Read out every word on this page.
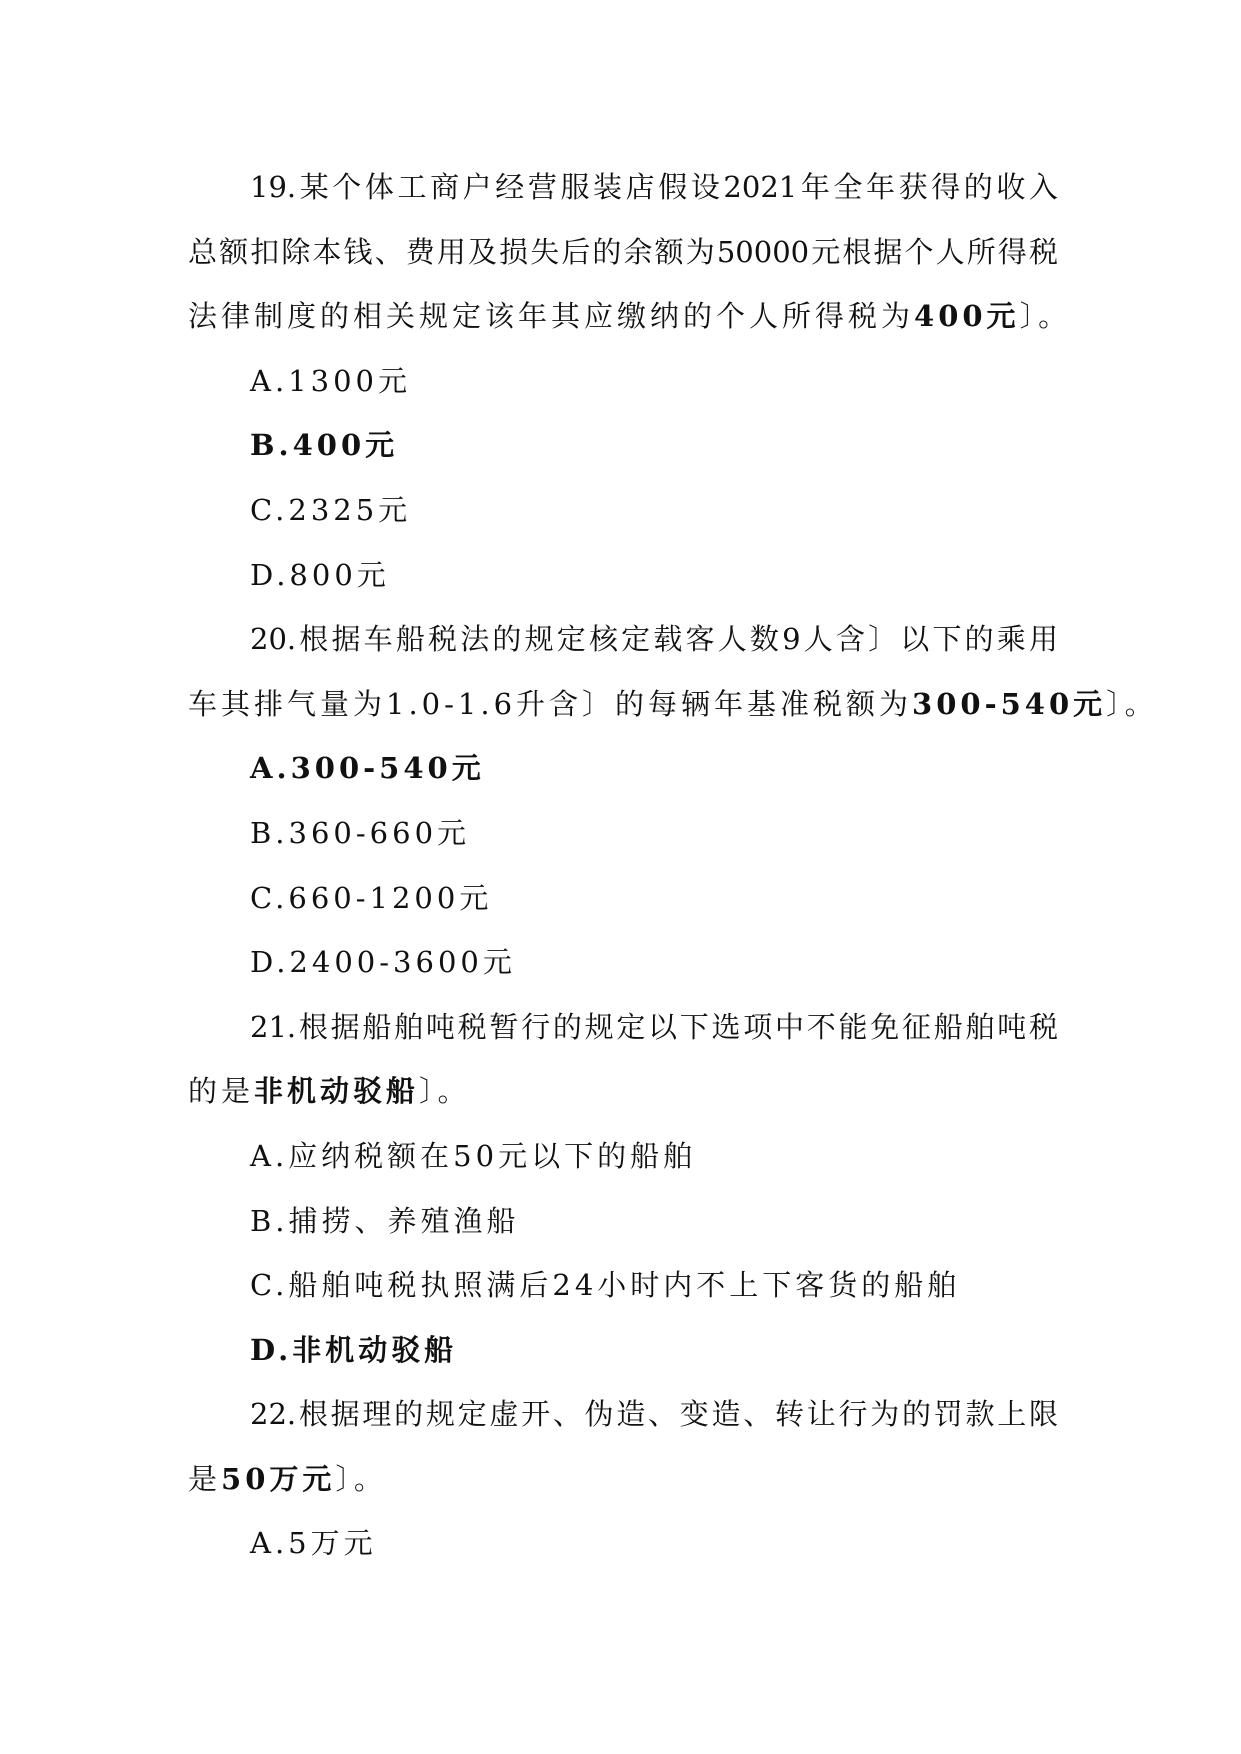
19.某个体工商户经营服装店假设2021年全年获得的收入
总额扣除本钱、费用及损失后的余额为50000元根据个人所得税
法律制度的相关规定该年其应缴纳的个人所得税为400元〕。
A.1300元
B.400元
C.2325元
D.800元
20.根据车船税法的规定核定载客人数9人含〕以下的乘用
车其排气量为1.0-1.6升含〕的每辆年基准税额为300-540元〕。
A.300-540元
B.360-660元
C.660-1200元
D.2400-3600元
21.根据船舶吨税暂行的规定以下选项中不能免征船舶吨税
的是非机动驳船〕。
A.应纳税额在50元以下的船舶
B.捕捞、养殖渔船
C.船舶吨税执照满后24小时内不上下客货的船舶
D.非机动驳船
22.根据理的规定虚开、伪造、变造、转让行为的罚款上限
是50万元〕。
A.5万元
